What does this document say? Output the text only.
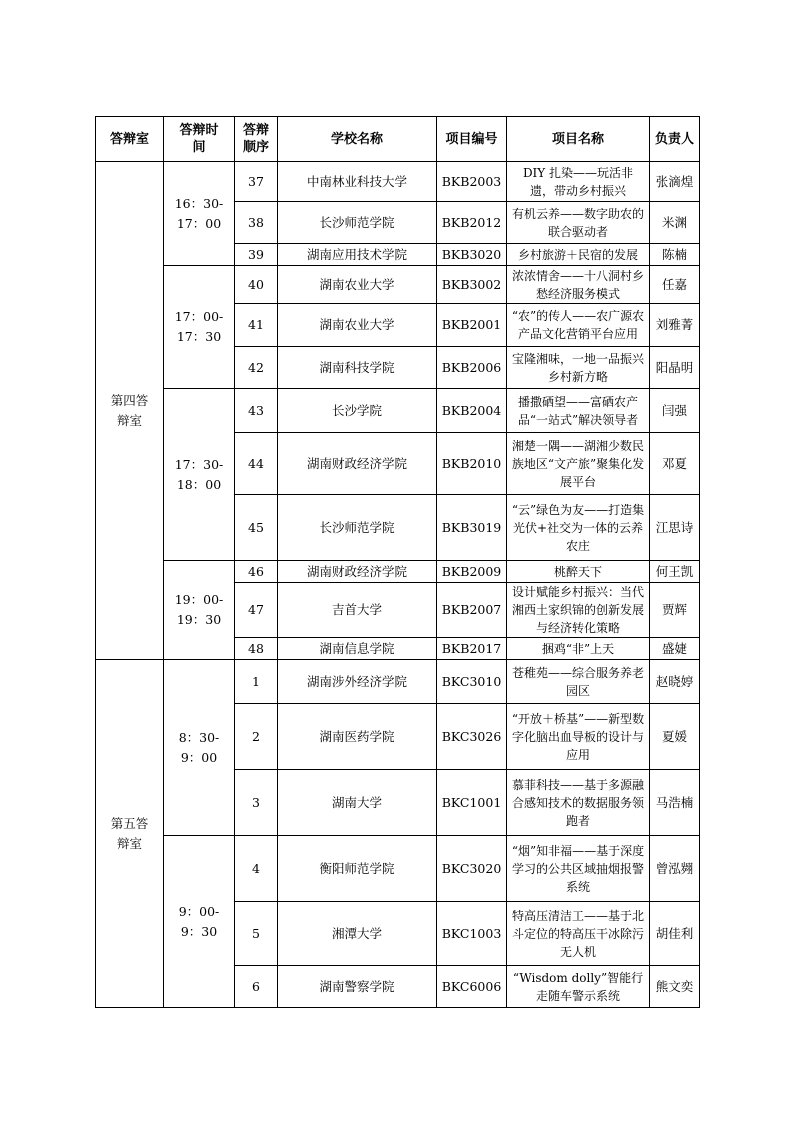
答辩室	答辩时间	答辩顺序	学校名称	项目编号	项目名称	负责人
第四答辩室	16：30-17：00	37	中南林业科技大学	BKB2003	DIY 扎染——玩活非遗，带动乡村振兴	张滴煌
		38	长沙师范学院	BKB2012	有机云养——数字助农的联合驱动者	米渊
		39	湖南应用技术学院	BKB3020	乡村旅游＋民宿的发展	陈楠
	17：00-17：30	40	湖南农业大学	BKB3002	浓浓情舍——十八洞村乡愁经济服务模式	任嘉
		41	湖南农业大学	BKB2001	“农”的传人——农广源农产品文化营销平台应用	刘雅菁
		42	湖南科技学院	BKB2006	宝隆湘味，一地一品振兴乡村新方略	阳晶明
	17：30-18：00	43	长沙学院	BKB2004	播撒硒望——富硒农产品“一站式”解决领导者	闫强
		44	湖南财政经济学院	BKB2010	湘楚一隅——湖湘少数民族地区“文产旅”聚集化发展平台	邓夏
		45	长沙师范学院	BKB3019	“云”绿色为友——打造集光伏+社交为一体的云养农庄	江思诗
	19：00-19：30	46	湖南财政经济学院	BKB2009	桃醉天下	何王凯
		47	吉首大学	BKB2007	设计赋能乡村振兴：当代湘西土家织锦的创新发展与经济转化策略	贾辉
		48	湖南信息学院	BKB2017	捆鸡“非”上天	盛婕
第五答辩室	8：30-9：00	1	湖南涉外经济学院	BKC3010	苍稚苑——综合服务养老园区	赵晓婷
		2	湖南医药学院	BKC3026	“开放＋桥基”——新型数字化脑出血导板的设计与应用	夏媛
		3	湖南大学	BKC1001	慕菲科技——基于多源融合感知技术的数据服务领跑者	马浩楠
	9：00-9：30	4	衡阳师范学院	BKC3020	“烟”知非福——基于深度学习的公共区域抽烟报警系统	曾泓翙
		5	湘潭大学	BKC1003	特高压清洁工——基于北斗定位的特高压干冰除污无人机	胡佳利
		6	湖南警察学院	BKC6006	“Wisdom dolly”智能行走随车警示系统	熊文奕
